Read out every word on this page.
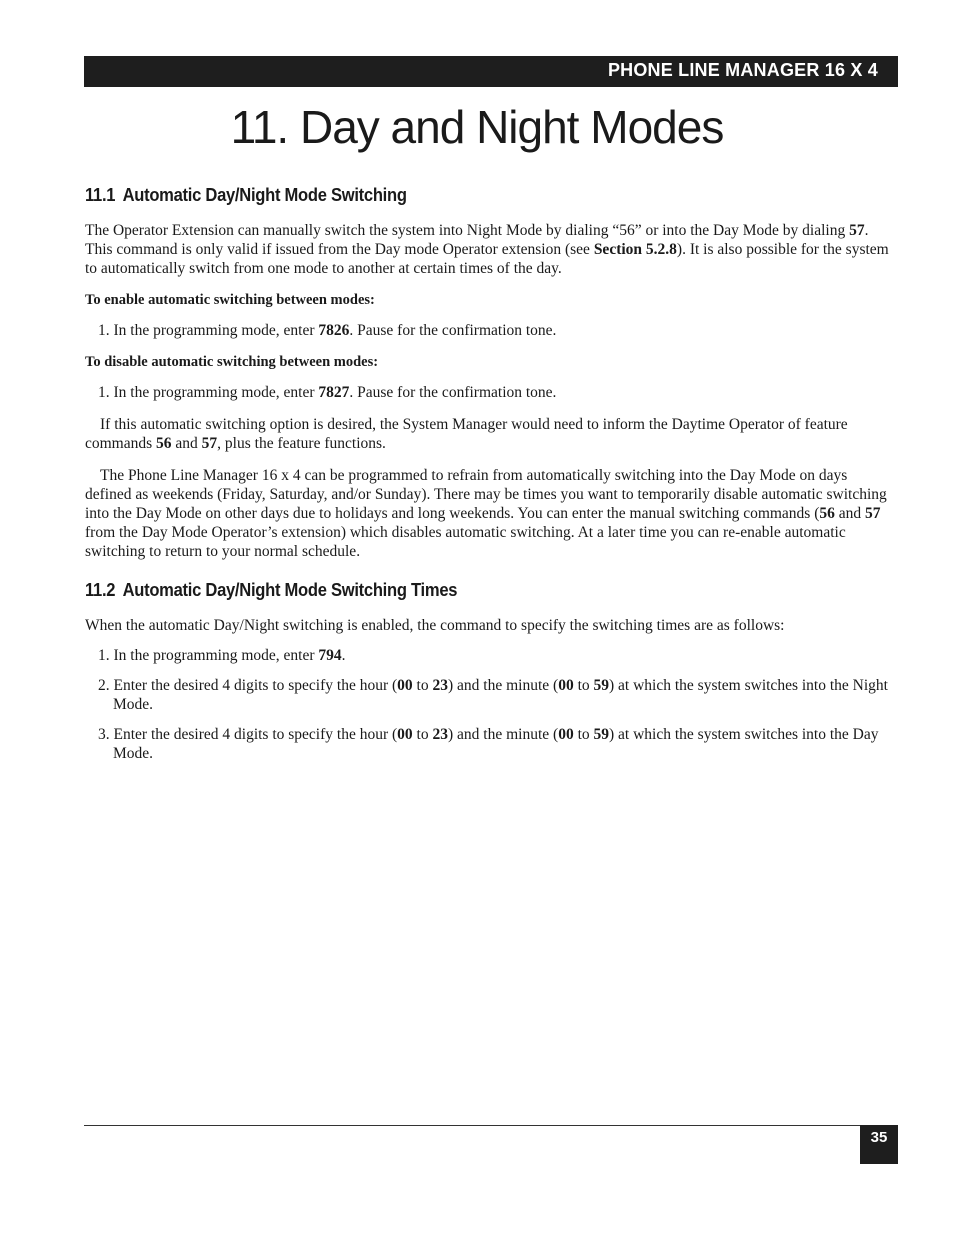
PHONE LINE MANAGER 16 X 4
11. Day and Night Modes
11.1 Automatic Day/Night Mode Switching

The Operator Extension can manually switch the system into Night Mode by dialing “56” or into the Day Mode by dialing 57. This command is only valid if issued from the Day mode Operator extension (see Section 5.2.8). It is also possible for the system to automatically switch from one mode to another at certain times of the day.

To enable automatic switching between modes:

1. In the programming mode, enter 7826. Pause for the confirmation tone.

To disable automatic switching between modes:

1. In the programming mode, enter 7827. Pause for the confirmation tone.

If this automatic switching option is desired, the System Manager would need to inform the Daytime Operator of feature commands 56 and 57, plus the feature functions.

The Phone Line Manager 16 x 4 can be programmed to refrain from automatically switching into the Day Mode on days defined as weekends (Friday, Saturday, and/or Sunday). There may be times you want to temporarily disable automatic switching into the Day Mode on other days due to holidays and long weekends. You can enter the manual switching commands (56 and 57 from the Day Mode Operator’s extension) which disables automatic switching. At a later time you can re-enable automatic switching to return to your normal schedule.

11.2 Automatic Day/Night Mode Switching Times

When the automatic Day/Night switching is enabled, the command to specify the switching times are as follows:

1. In the programming mode, enter 794.

2. Enter the desired 4 digits to specify the hour (00 to 23) and the minute (00 to 59) at which the system switches into the Night Mode.

3. Enter the desired 4 digits to specify the hour (00 to 23) and the minute (00 to 59) at which the system switches into the Day Mode.

35
